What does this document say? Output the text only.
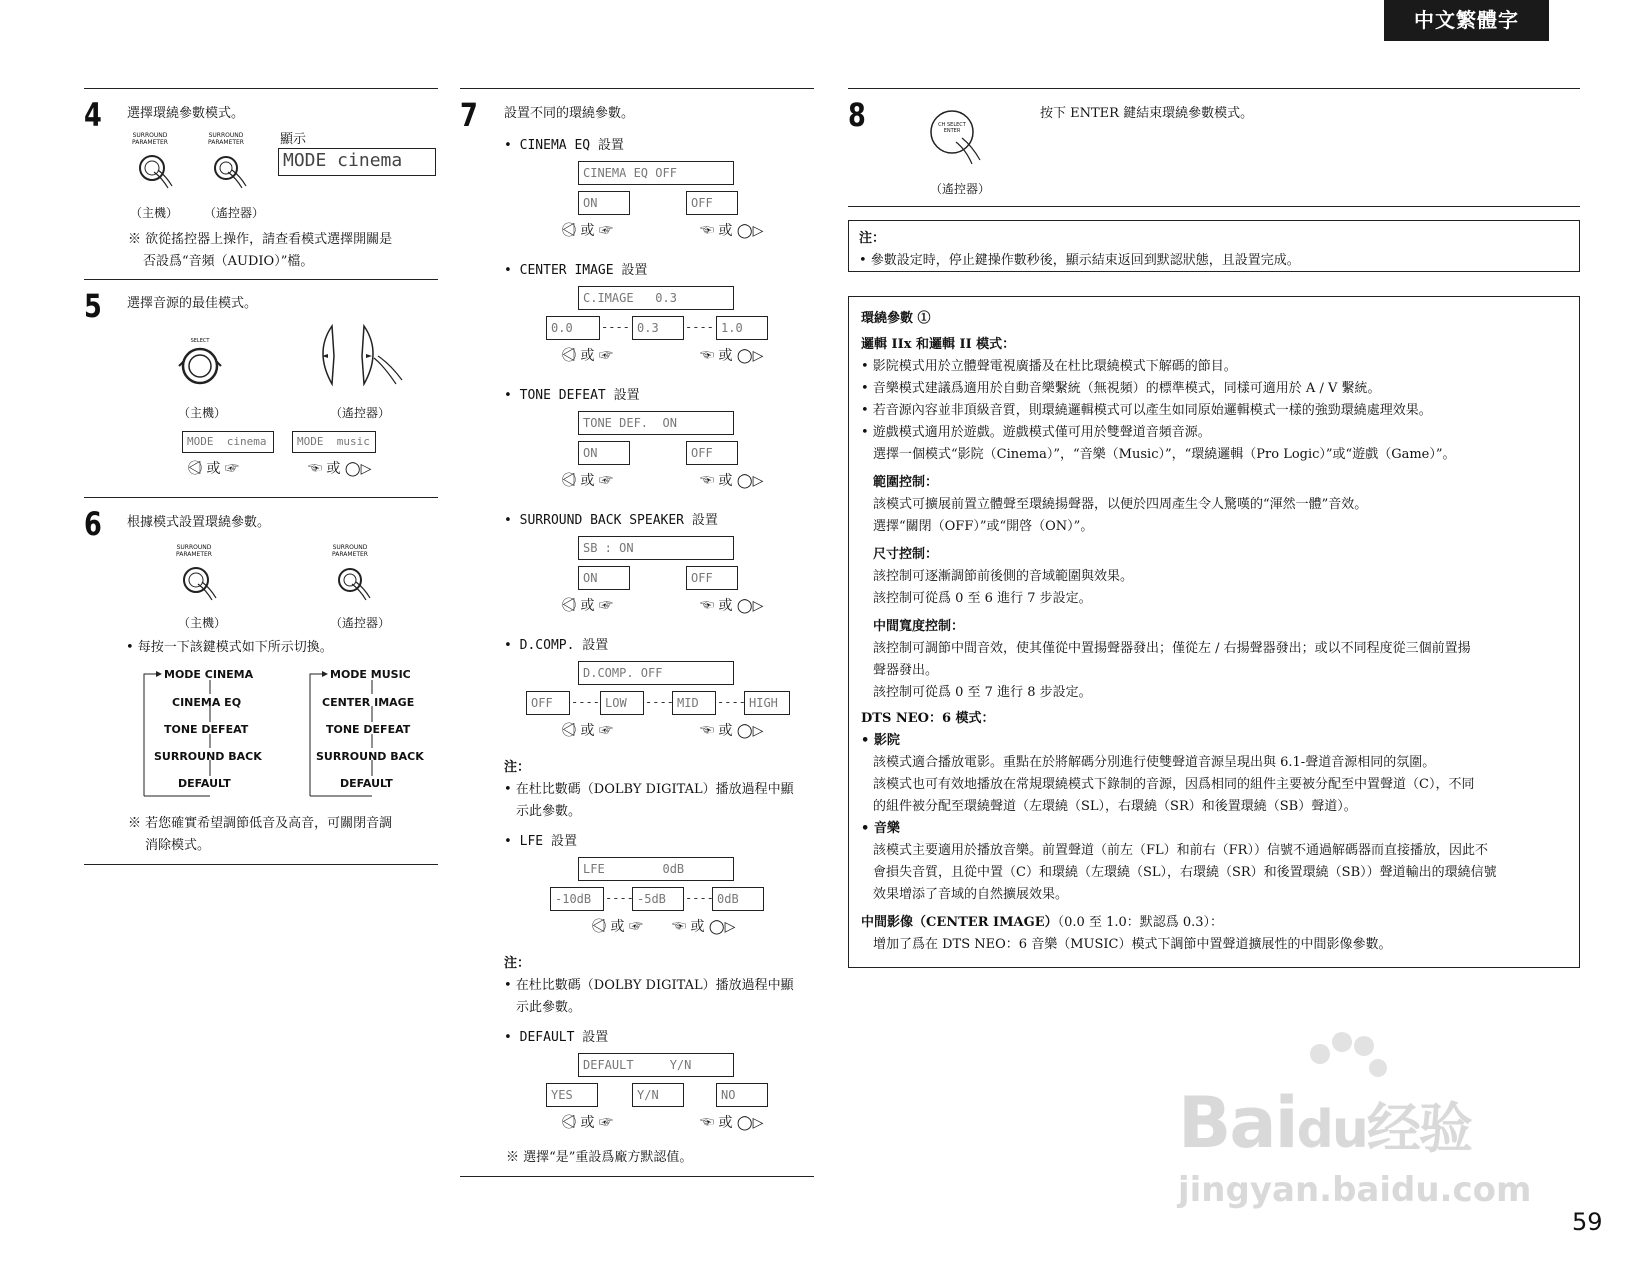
中文繁體字
4 選擇環繞參數模式。
SURROUND PARAMETER
SURROUND PARAMETER	顯示
MODE cinema
（主機） （遙控器）
※ 欲從搖控器上操作，請查看模式選擇開關是
否設爲“音頻（AUDIO）”檔。
5 選擇音源的最佳模式。
SELECT
（主機）	（遙控器）
MODE  cinema	MODE  music
◁⃝ 或 ☞	☜ 或 ◯▷
6 根據模式設置環繞參數。
SURROUND PARAMETER
SURROUND PARAMETER
（主機）	（遙控器）
• 每按一下該鍵模式如下所示切換。
MODE CINEMA
CINEMA EQ
TONE DEFEAT
SURROUND BACK
DEFAULT
MODE MUSIC
CENTER IMAGE
TONE DEFEAT
SURROUND BACK
DEFAULT
※ 若您確實希望調節低音及高音，可關閉音調
消除模式。
7 設置不同的環繞參數。
• CINEMA EQ 設置
CINEMA EQ OFF
ON	OFF
◁⃝ 或 ☞	☜ 或 ◯▷
• CENTER IMAGE 設置
C.IMAGE   0.3
0.0	---- 0.3	---- 1.0
◁⃝ 或 ☞	☜ 或 ◯▷
• TONE DEFEAT 設置
TONE DEF.  ON
ON	OFF
◁⃝ 或 ☞	☜ 或 ◯▷
• SURROUND BACK SPEAKER 設置
SB : ON
ON	OFF
◁⃝ 或 ☞	☜ 或 ◯▷
• D.COMP. 設置
D.COMP. OFF
OFF	---- LOW	---- MID	---- HIGH
◁⃝ 或 ☞	☜ 或 ◯▷
注：
• 在杜比數碼（DOLBY DIGITAL）播放過程中顯
示此參數。
• LFE 設置
LFE        0dB
-10dB	---- -5dB	---- 0dB
◁⃝ 或 ☞ ☜ 或 ◯▷
注：
• 在杜比數碼（DOLBY DIGITAL）播放過程中顯
示此參數。
• DEFAULT 設置
DEFAULT     Y/N
YES	Y/N	NO
◁⃝ 或 ☞	☜ 或 ◯▷
※ 選擇“是”重設爲廠方默認值。
8	CH SELECT ENTER
（遙控器）
按下 ENTER 鍵結束環繞參數模式。
注：
• 參數設定時，停止鍵操作數秒後，顯示結束返回到默認狀態，且設置完成。
環繞參數 ①
邏輯 IIx 和邏輯 II 模式：
• 影院模式用於立體聲電視廣播及在杜比環繞模式下解碼的節目。
• 音樂模式建議爲適用於自動音樂繫統（無視頻）的標準模式，同樣可適用於 A / V 繫統。
• 若音源內容並非頂級音質，則環繞邏輯模式可以產生如同原始邏輯模式一樣的強勁環繞處理效果。
• 遊戲模式適用於遊戲。遊戲模式僅可用於雙聲道音頻音源。
選擇一個模式“影院（Cinema）”，“音樂（Music）”，“環繞邏輯（Pro Logic）”或“遊戲（Game）”。
範圍控制：
該模式可擴展前置立體聲至環繞揚聲器，以便於四周產生令人驚嘆的“渾然一體”音效。
選擇“關閉（OFF）”或“開啓（ON）”。
尺寸控制：
該控制可逐漸調節前後側的音域範圍與效果。
該控制可從爲 0 至 6 進行 7 步設定。
中間寬度控制：
該控制可調節中間音效，使其僅從中置揚聲器發出；僅從左 / 右揚聲器發出；或以不同程度從三個前置揚
聲器發出。
該控制可從爲 0 至 7 進行 8 步設定。
DTS NEO：6 模式：
• 影院
該模式適合播放電影。重點在於將解碼分別進行使雙聲道音源呈現出與 6.1-聲道音源相同的氛圍。
該模式也可有效地播放在常規環繞模式下錄制的音源，因爲相同的組件主要被分配至中置聲道（C），不同
的組件被分配至環繞聲道（左環繞（SL），右環繞（SR）和後置環繞（SB）聲道）。
• 音樂
該模式主要適用於播放音樂。前置聲道（前左（FL）和前右（FR））信號不通過解碼器而直接播放，因此不
會損失音質，且從中置（C）和環繞（左環繞（SL），右環繞（SR）和後置環繞（SB））聲道輸出的環繞信號
效果增添了音域的自然擴展效果。
中間影像（CENTER IMAGE）（0.0 至 1.0：默認爲 0.3）：
增加了爲在 DTS NEO：6 音樂（MUSIC）模式下調節中置聲道擴展性的中間影像參數。
Baidu经验
jingyan.baidu.com
59
